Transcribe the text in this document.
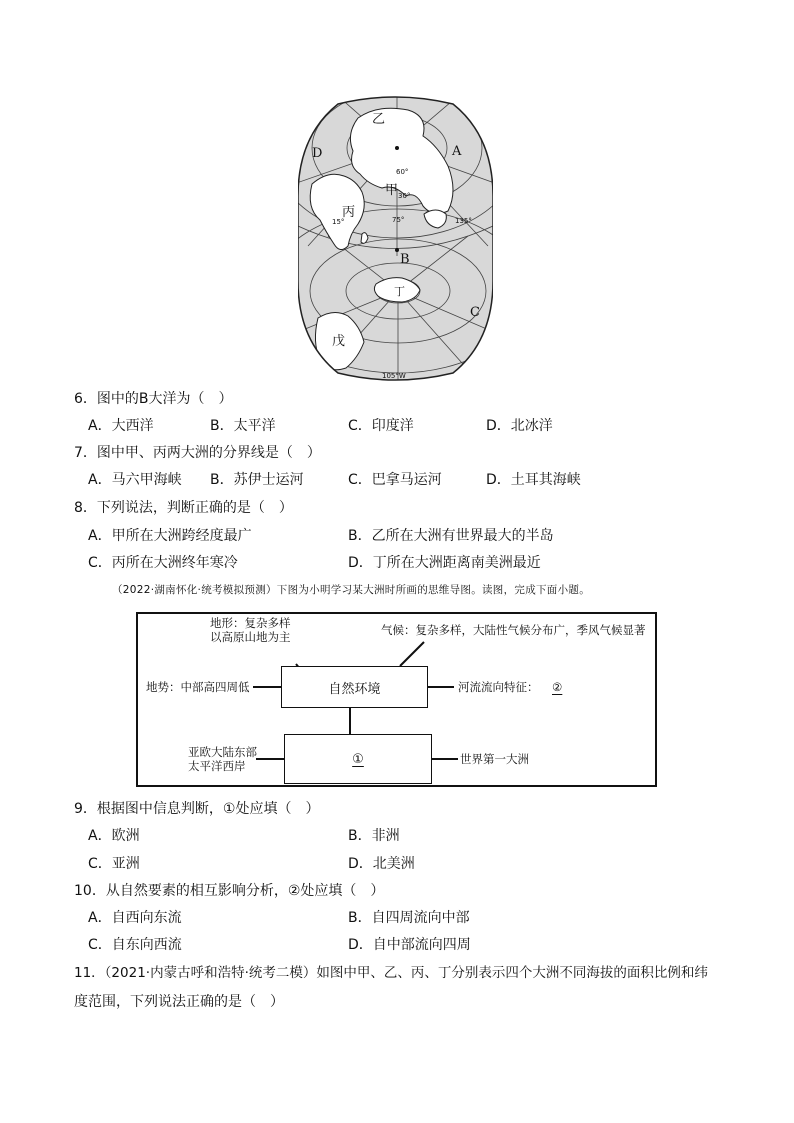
乙
A
D
甲
丙
B
丁
C
戊
60°
30°
15°	75°	135°
105°W
6．图中的B大洋为（　）
A．大西洋	B．太平洋	C．印度洋	D．北冰洋
7．图中甲、丙两大洲的分界线是（　）
A．马六甲海峡 B．苏伊士运河	C．巴拿马运河	D．土耳其海峡
8．下列说法，判断正确的是（　）
A．甲所在大洲跨经度最广	B．乙所在大洲有世界最大的半岛
C．丙所在大洲终年寒冷	D．丁所在大洲距离南美洲最近
（2022·湖南怀化·统考模拟预测）下图为小明学习某大洲时所画的思维导图。读图，完成下面小题。
地形：复杂多样
以高原山地为主	气候：复杂多样，大陆性气候分布广，季风气候显著
地势：中部高四周低	自然环境	河流流向特征： ②
亚欧大陆东部
太平洋西岸	①	世界第一大洲
9．根据图中信息判断，①处应填（　）
A．欧洲	B．非洲
C．亚洲	D．北美洲
10．从自然要素的相互影响分析，②处应填（　）
A．自西向东流	B．自四周流向中部
C．自东向西流	D．自中部流向四周
11．（2021·内蒙古呼和浩特·统考二模）如图中甲、乙、丙、丁分别表示四个大洲不同海拔的面积比例和纬
度范围，下列说法正确的是（　）
